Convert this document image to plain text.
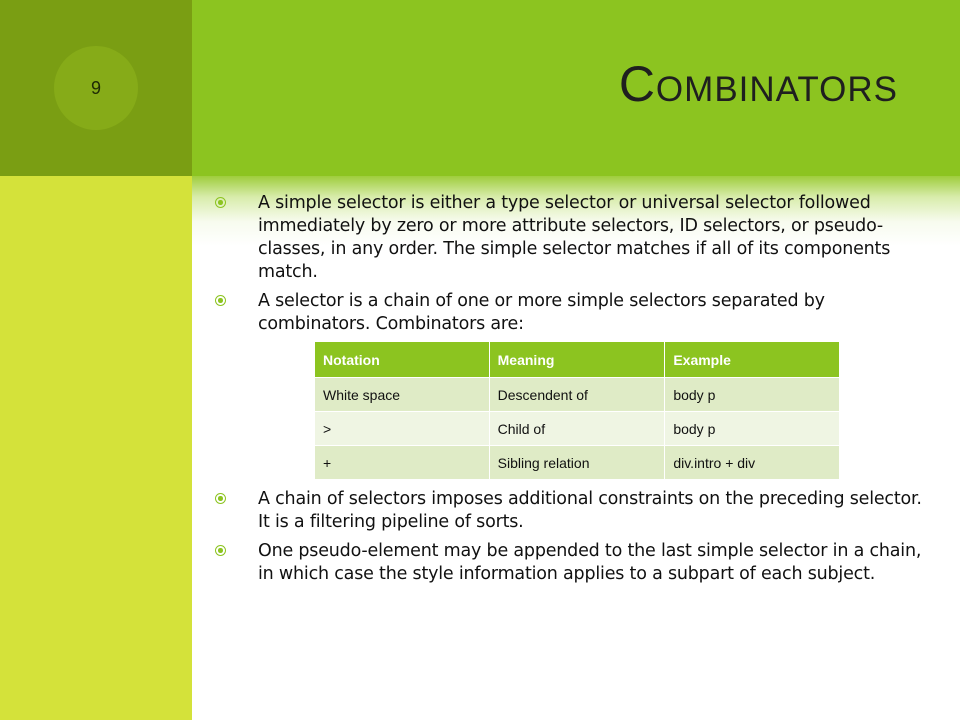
9	Combinators
A simple selector is either a type selector or universal selector followed immediately by zero or more attribute selectors, ID selectors, or pseudo-classes, in any order. The simple selector matches if all of its components match.
A selector is a chain of one or more simple selectors separated by combinators. Combinators are:
Notation	Meaning	Example
White space	Descendent of	body p
>	Child of	body p
+	Sibling relation	div.intro + div
A chain of selectors imposes additional constraints on the preceding selector. It is a filtering pipeline of sorts.
One pseudo-element may be appended to the last simple selector in a chain, in which case the style information applies to a subpart of each subject.
